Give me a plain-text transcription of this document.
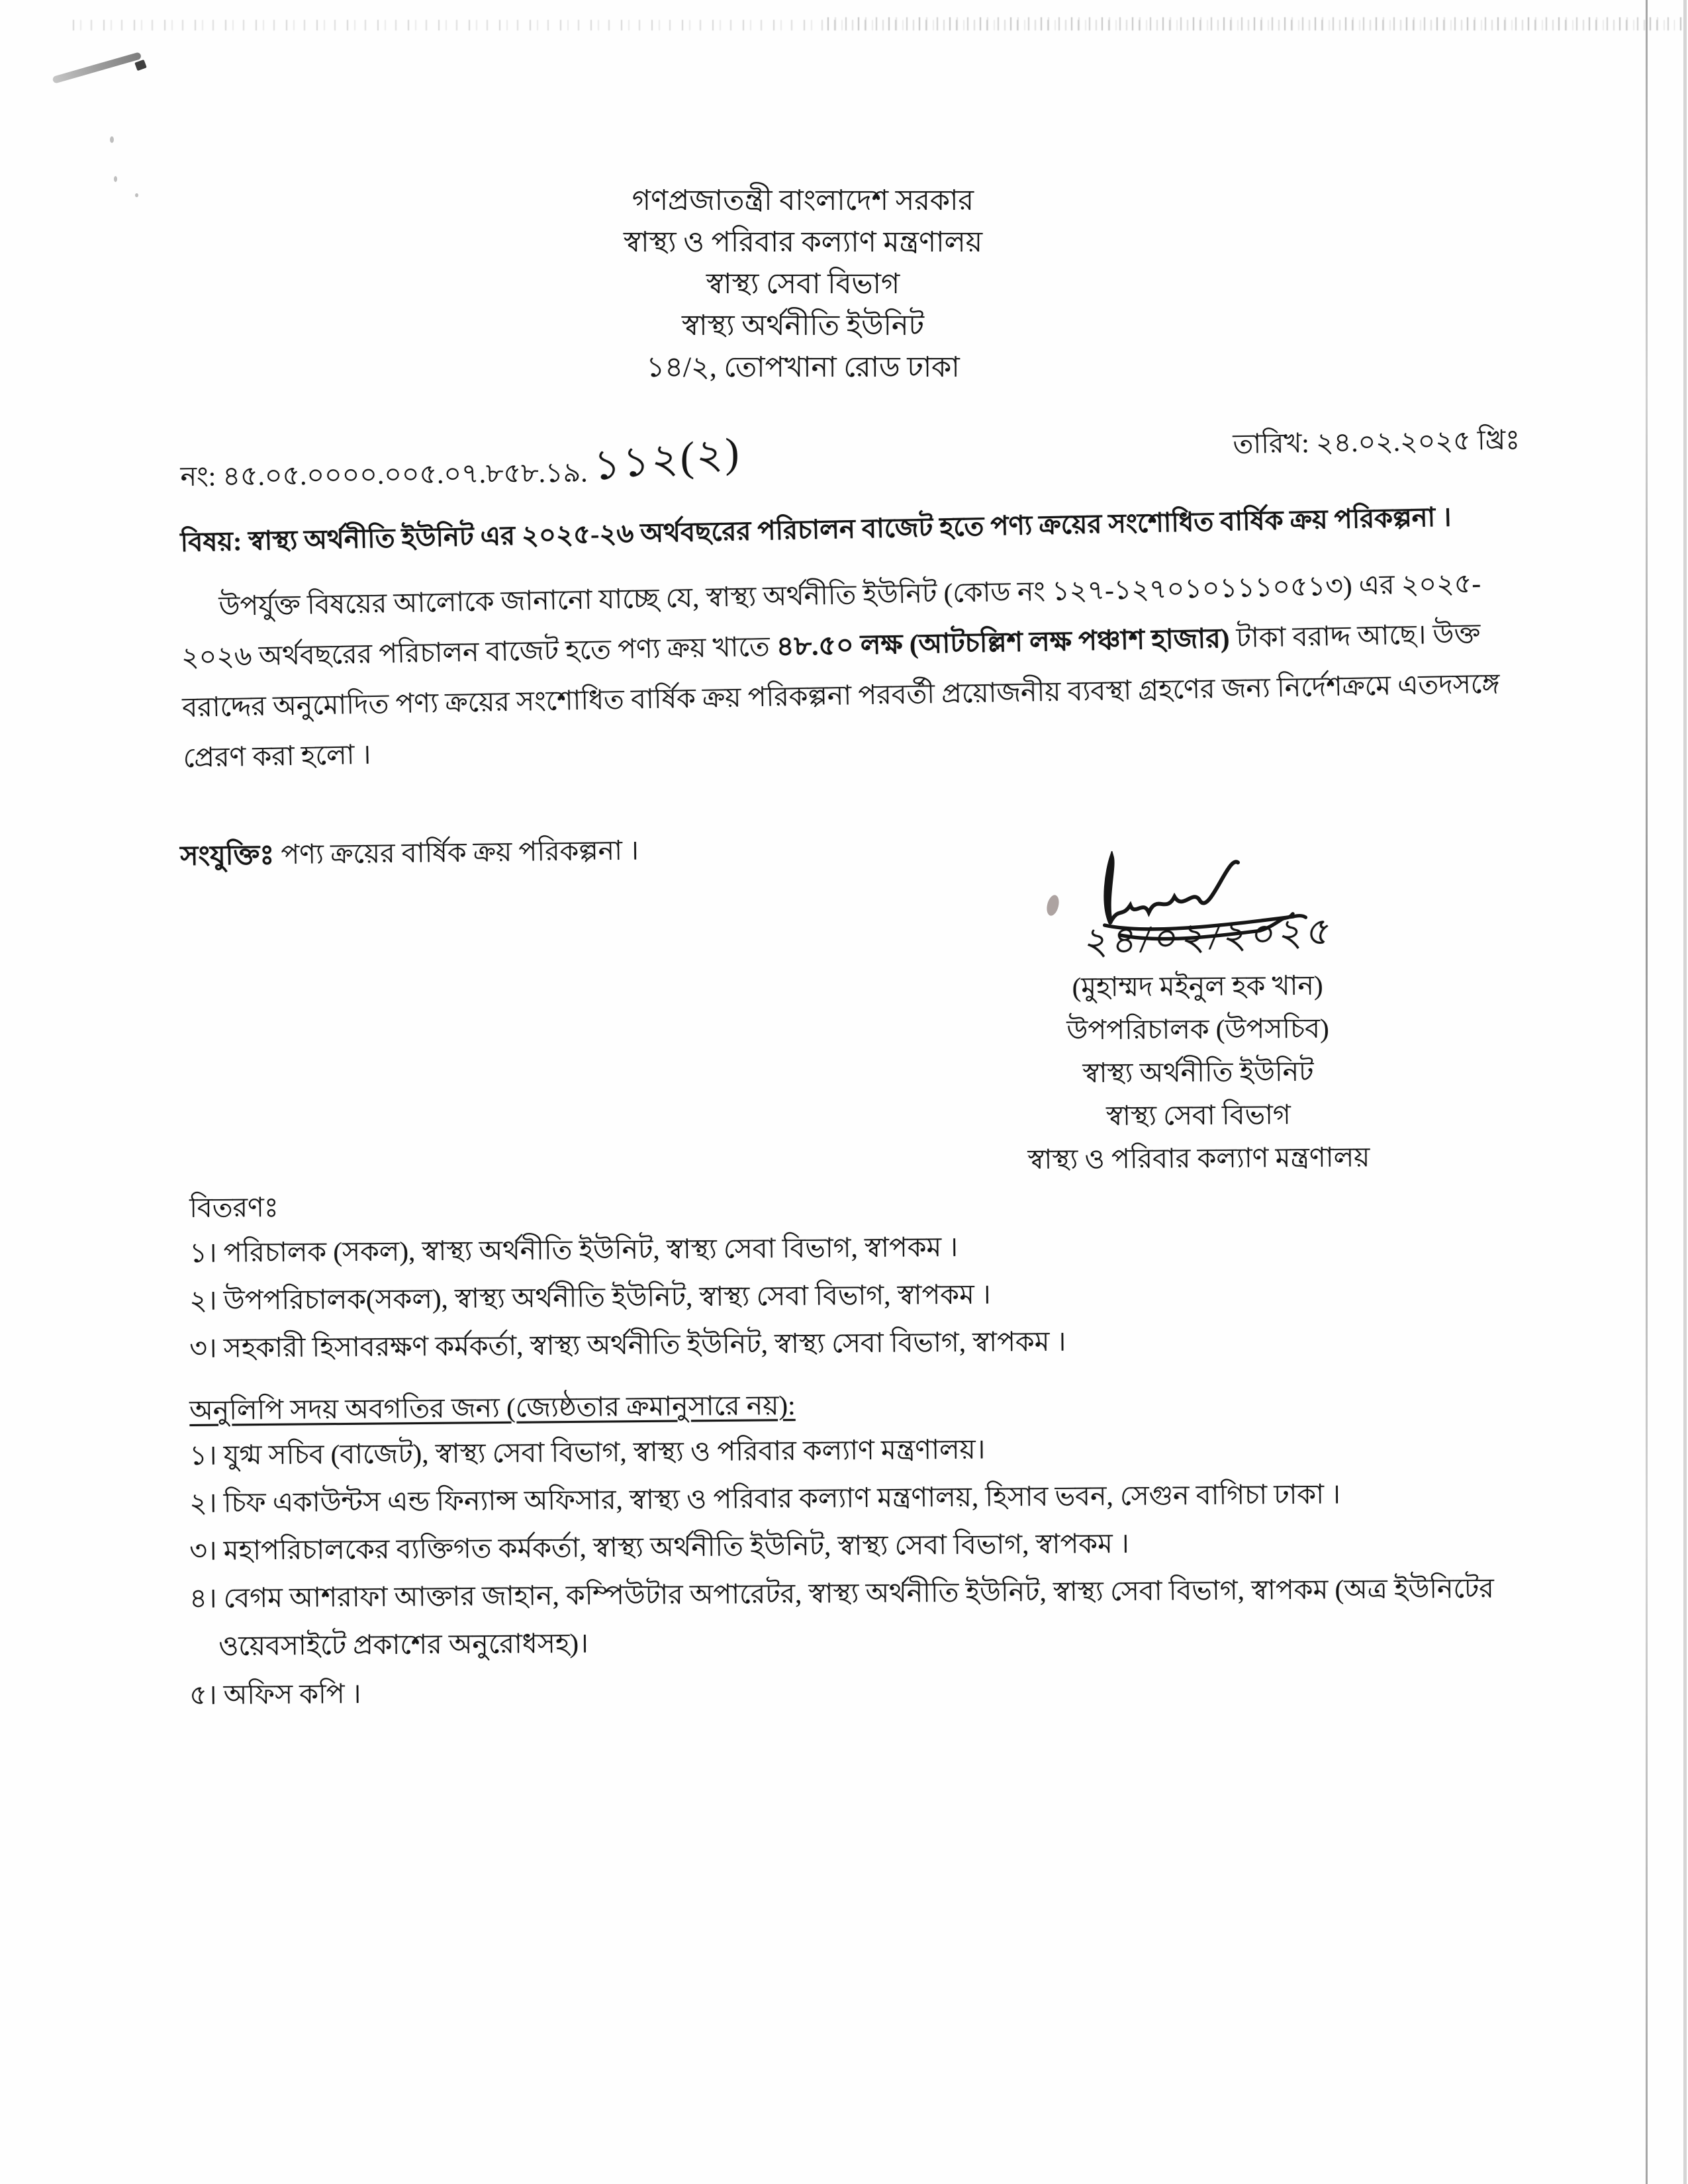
গণপ্রজাতন্ত্রী বাংলাদেশ সরকার
স্বাস্থ্য ও পরিবার কল্যাণ মন্ত্রণালয়
স্বাস্থ্য সেবা বিভাগ
স্বাস্থ্য অর্থনীতি ইউনিট
১৪/২, তোপখানা রোড ঢাকা
নং: ৪৫.০৫.০০০০.০০৫.০৭.৮৫৮.১৯. ১১২(২)	তারিখ: ২৪.০২.২০২৫ খ্রিঃ
বিষয়: স্বাস্থ্য অর্থনীতি ইউনিট এর ২০২৫-২৬ অর্থবছরের পরিচালন বাজেট হতে পণ্য ক্রয়ের সংশোধিত বার্ষিক ক্রয় পরিকল্পনা ।
উপর্যুক্ত বিষয়ের আলোকে জানানো যাচ্ছে যে, স্বাস্থ্য অর্থনীতি ইউনিট (কোড নং ১২৭-১২৭০১০১১১০৫১৩) এর ২০২৫-
২০২৬ অর্থবছরের পরিচালন বাজেট হতে পণ্য ক্রয় খাতে ৪৮.৫০ লক্ষ (আটচল্লিশ লক্ষ পঞ্চাশ হাজার) টাকা বরাদ্দ আছে। উক্ত
বরাদ্দের অনুমোদিত পণ্য ক্রয়ের সংশোধিত বার্ষিক ক্রয় পরিকল্পনা পরবর্তী প্রয়োজনীয় ব্যবস্থা গ্রহণের জন্য নির্দেশক্রমে এতদসঙ্গে
প্রেরণ করা হলো ।
সংযুক্তিঃ পণ্য ক্রয়ের বার্ষিক ক্রয় পরিকল্পনা ।
২৪/০২/২০২৫
(মুহাম্মদ মইনুল হক খান)
উপপরিচালক (উপসচিব)
স্বাস্থ্য অর্থনীতি ইউনিট
স্বাস্থ্য সেবা বিভাগ
স্বাস্থ্য ও পরিবার কল্যাণ মন্ত্রণালয়
বিতরণঃ
১। পরিচালক (সকল), স্বাস্থ্য অর্থনীতি ইউনিট, স্বাস্থ্য সেবা বিভাগ, স্বাপকম ।
২। উপপরিচালক(সকল), স্বাস্থ্য অর্থনীতি ইউনিট, স্বাস্থ্য সেবা বিভাগ, স্বাপকম ।
৩। সহকারী হিসাবরক্ষণ কর্মকর্তা, স্বাস্থ্য অর্থনীতি ইউনিট, স্বাস্থ্য সেবা বিভাগ, স্বাপকম ।
অনুলিপি সদয় অবগতির জন্য (জ্যেষ্ঠতার ক্রমানুসারে নয়):
১। যুগ্ম সচিব (বাজেট), স্বাস্থ্য সেবা বিভাগ, স্বাস্থ্য ও পরিবার কল্যাণ মন্ত্রণালয়।
২। চিফ একাউন্টস এন্ড ফিন্যান্স অফিসার, স্বাস্থ্য ও পরিবার কল্যাণ মন্ত্রণালয়, হিসাব ভবন, সেগুন বাগিচা ঢাকা ।
৩। মহাপরিচালকের ব্যক্তিগত কর্মকর্তা, স্বাস্থ্য অর্থনীতি ইউনিট, স্বাস্থ্য সেবা বিভাগ, স্বাপকম ।
৪। বেগম আশরাফা আক্তার জাহান, কম্পিউটার অপারেটর, স্বাস্থ্য অর্থনীতি ইউনিট, স্বাস্থ্য সেবা বিভাগ, স্বাপকম (অত্র ইউনিটের
ওয়েবসাইটে প্রকাশের অনুরোধসহ)।
৫। অফিস কপি ।
